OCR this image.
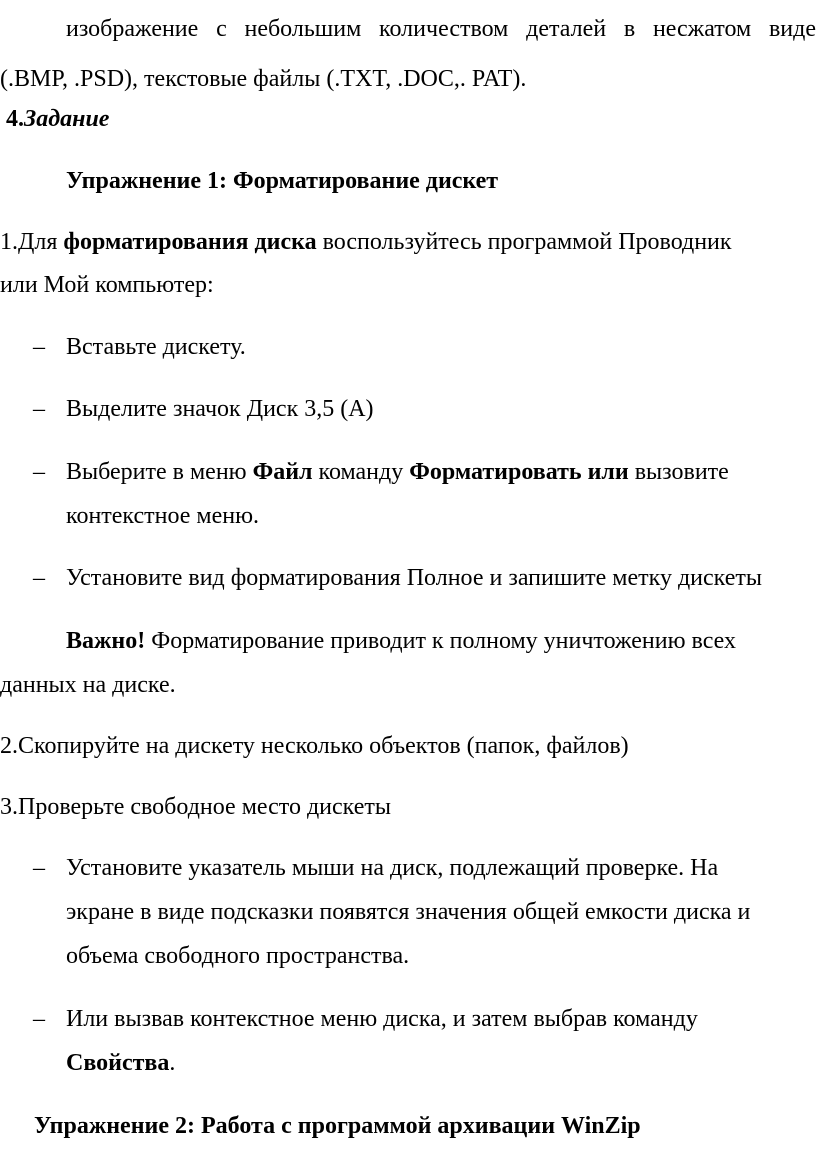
изображение с небольшим количеством деталей в несжатом виде
(.BMP, .PSD), текстовые файлы (.TXT, .DOC,. PAT).
4.Задание
Упражнение 1: Форматирование дискет
1.Для форматирования диска воспользуйтесь программой Проводник
или Мой компьютер:
– Вставьте дискету.
– Выделите значок Диск 3,5 (А)
– Выберите в меню Файл команду Форматировать или вызовите
контекстное меню.
– Установите вид форматирования Полное и запишите метку дискеты
Важно! Форматирование приводит к полному уничтожению всех
данных на диске.
2.Скопируйте на дискету несколько объектов (папок, файлов)
3.Проверьте свободное место дискеты
– Установите указатель мыши на диск, подлежащий проверке. На
экране в виде подсказки появятся значения общей емкости диска и
объема свободного пространства.
– Или вызвав контекстное меню диска, и затем выбрав команду
Свойства.
Упражнение 2: Работа с программой архивации WinZip
